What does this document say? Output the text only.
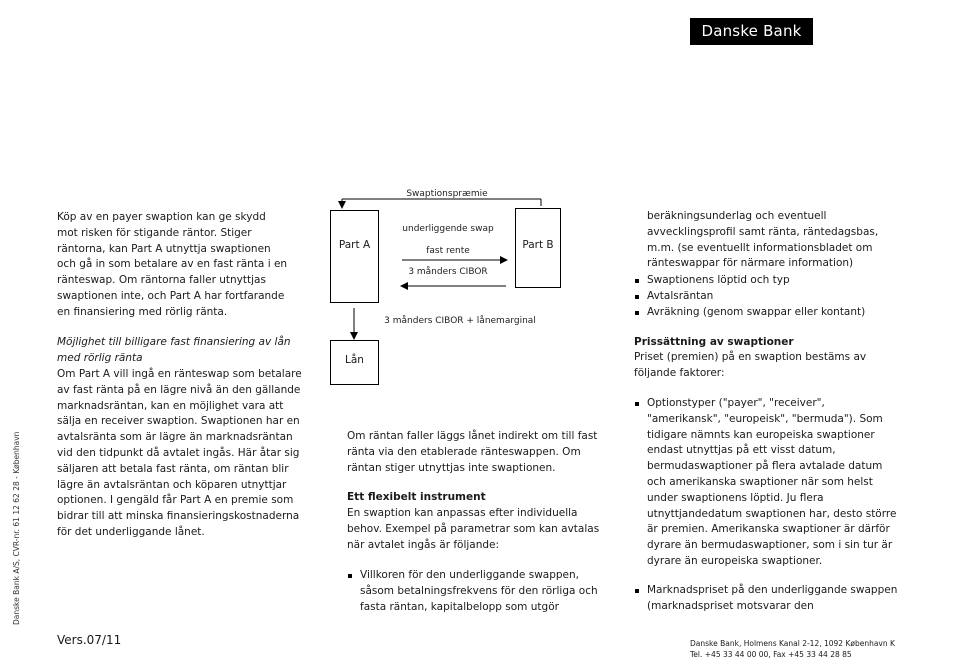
Danske Bank
Danske Bank A/S, CVR-nr. 61 12 62 28 - København
Köp av en payer swaption kan ge skydd mot risken för stigande räntor. Stiger räntorna, kan Part A utnyttja swaptionen och gå in som betalare av en fast ränta i en ränteswap. Om räntorna faller utnyttjas swaptionen inte, och Part A har fortfarande en finansiering med rörlig ränta.
Möjlighet till billigare fast finansiering av lån med rörlig ränta
Om Part A vill ingå en ränteswap som betalare av fast ränta på en lägre nivå än den gällande marknadsräntan, kan en möjlighet vara att sälja en receiver swaption. Swaptionen har en avtalsränta som är lägre än marknadsräntan vid den tidpunkt då avtalet ingås. Här åtar sig säljaren att betala fast ränta, om räntan blir lägre än avtalsräntan och köparen utnyttjar optionen. I gengäld får Part A en premie som bidrar till att minska finansieringskostnaderna för det underliggande lånet.
Swaptionspræmie
Part A	Part B
underliggende swap
fast rente
3 månders CIBOR
3 månders CIBOR + lånemarginal
Lån
Om räntan faller läggs lånet indirekt om till fast ränta via den etablerade ränteswappen. Om räntan stiger utnyttjas inte swaptionen.
Ett flexibelt instrument
En swaption kan anpassas efter individuella behov. Exempel på parametrar som kan avtalas när avtalet ingås är följande:
Villkoren för den underliggande swappen, såsom betalningsfrekvens för den rörliga och fasta räntan, kapitalbelopp som utgör
beräkningsunderlag och eventuell avvecklingsprofil samt ränta, räntedagsbas, m.m. (se eventuellt informationsbladet om ränteswappar för närmare information)
Swaptionens löptid och typ
Avtalsräntan
Avräkning (genom swappar eller kontant)
Prissättning av swaptioner
Priset (premien) på en swaption bestäms av följande faktorer:
Optionstyper ("payer", "receiver", "amerikansk", "europeisk", "bermuda"). Som tidigare nämnts kan europeiska swaptioner endast utnyttjas på ett visst datum, bermudaswaptioner på flera avtalade datum och amerikanska swaptioner när som helst under swaptionens löptid. Ju flera utnyttjandedatum swaptionen har, desto större är premien. Amerikanska swaptioner är därför dyrare än bermudaswaptioner, som i sin tur är dyrare än europeiska swaptioner.
Marknadspriset på den underliggande swappen (marknadspriset motsvarar den
Vers.07/11	Danske Bank, Holmens Kanal 2-12, 1092 København K
Tel. +45 33 44 00 00, Fax +45 33 44 28 85
